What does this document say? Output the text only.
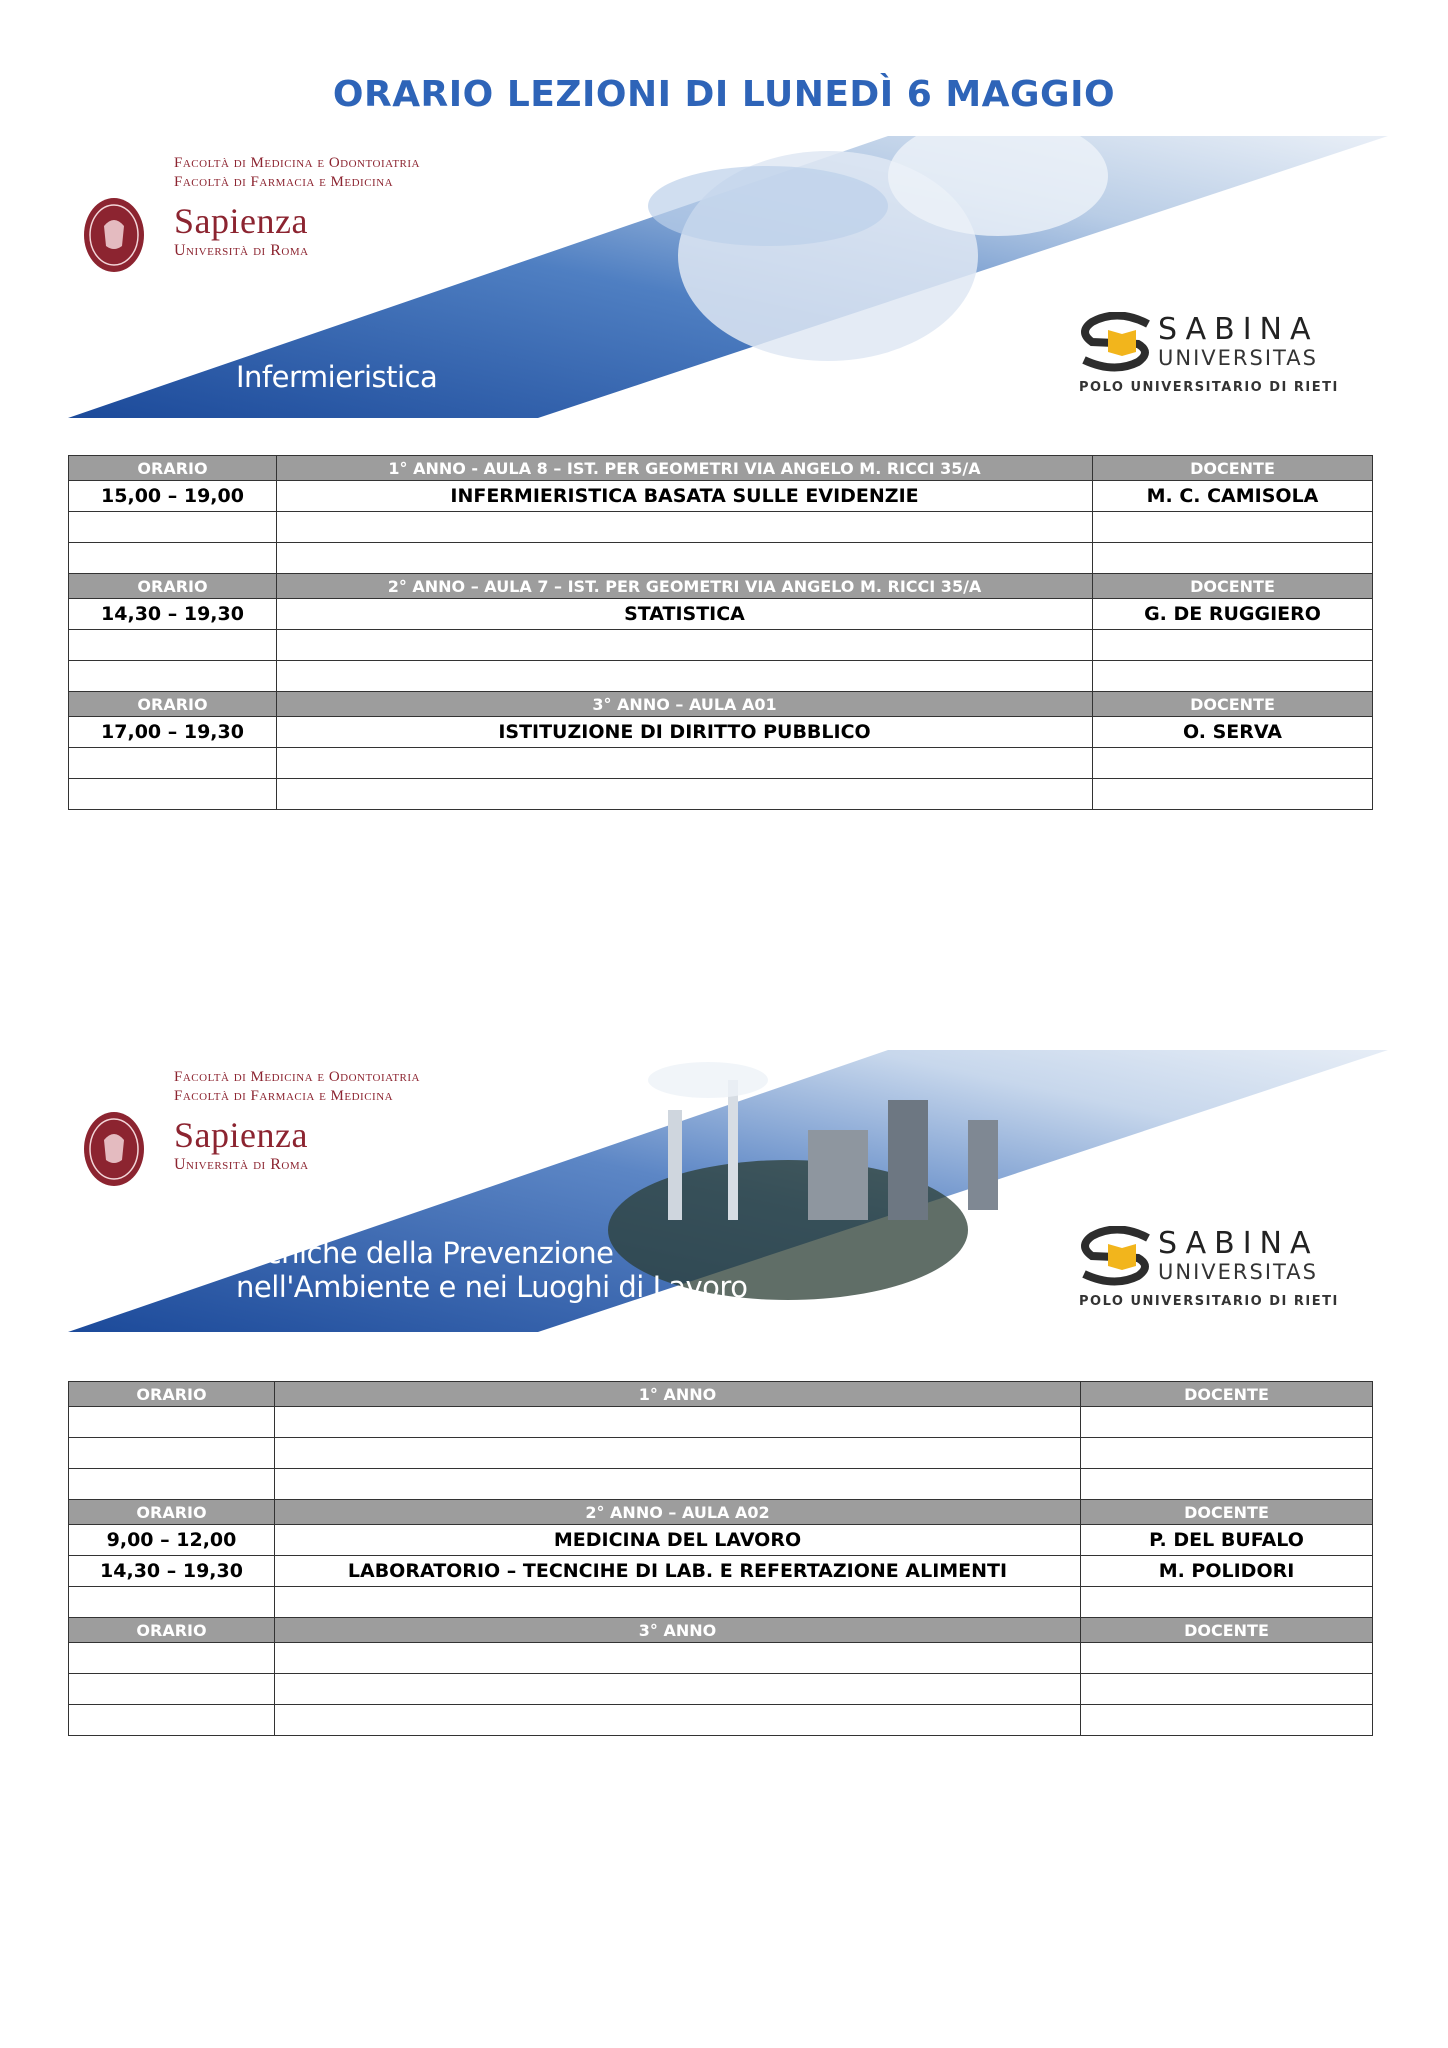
ORARIO LEZIONI DI LUNEDÌ 6 MAGGIO
Facoltà di Medicina e Odontoiatria
Facoltà di Farmacia e Medicina
Sapienza
Università di Roma
Infermieristica
SABINA
UNIVERSITAS
POLO UNIVERSITARIO DI RIETI
ORARIO	1° ANNO - AULA 8 – IST. PER GEOMETRI VIA ANGELO M. RICCI 35/A	DOCENTE
15,00 – 19,00	INFERMIERISTICA BASATA SULLE EVIDENZIE	M. C. CAMISOLA

ORARIO	2° ANNO – AULA 7 – IST. PER GEOMETRI VIA ANGELO M. RICCI 35/A	DOCENTE
14,30 – 19,30	STATISTICA	G. DE RUGGIERO

ORARIO	3° ANNO – AULA A01	DOCENTE
17,00 – 19,30	ISTITUZIONE DI DIRITTO PUBBLICO	O. SERVA

Facoltà di Medicina e Odontoiatria
Facoltà di Farmacia e Medicina
Sapienza
Università di Roma
Tecniche della Prevenzione
nell'Ambiente e nei Luoghi di Lavoro
SABINA
UNIVERSITAS
POLO UNIVERSITARIO DI RIETI
ORARIO	1° ANNO	DOCENTE

ORARIO	2° ANNO – AULA A02	DOCENTE
9,00 – 12,00	MEDICINA DEL LAVORO	P. DEL BUFALO
14,30 – 19,30	LABORATORIO – TECNCIHE DI LAB. E REFERTAZIONE ALIMENTI	M. POLIDORI

ORARIO	3° ANNO	DOCENTE
